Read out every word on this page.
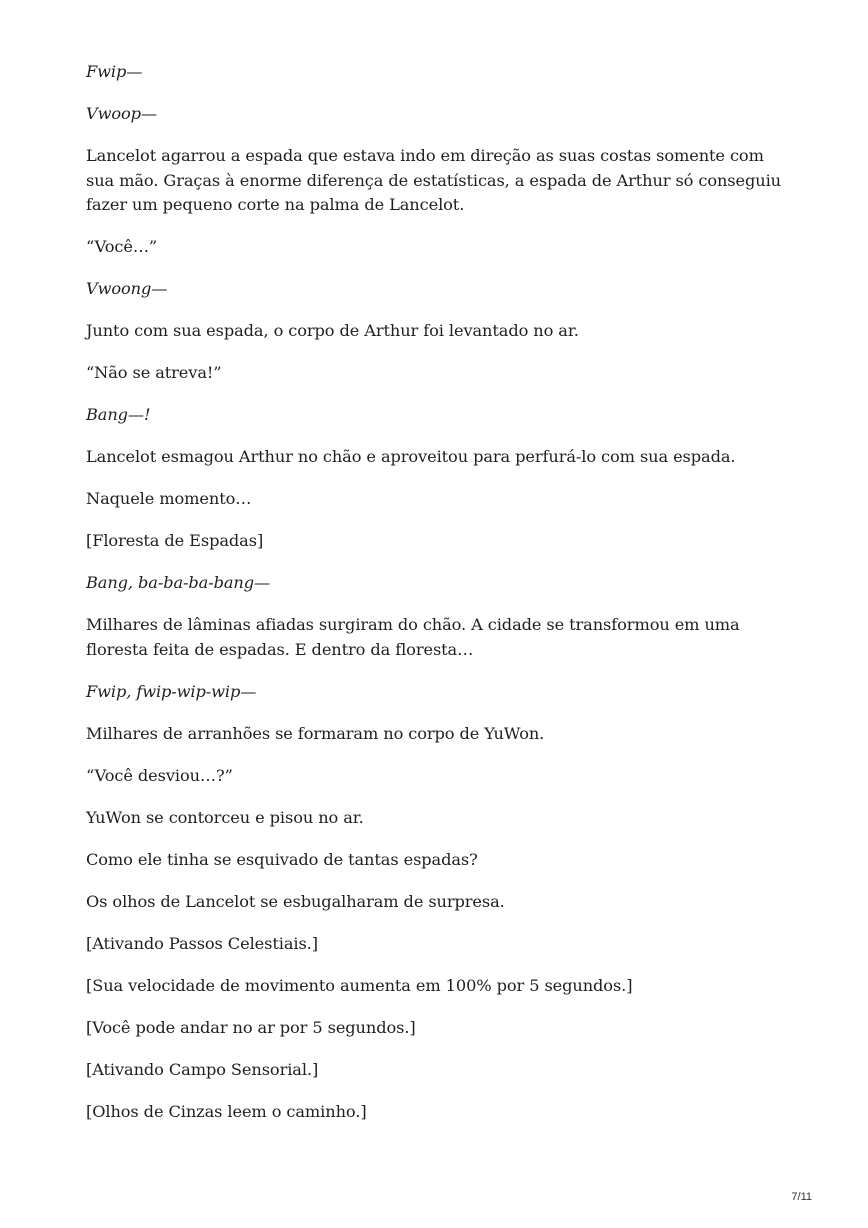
Fwip—

Vwoop—

Lancelot agarrou a espada que estava indo em direção as suas costas somente com sua mão. Graças à enorme diferença de estatísticas, a espada de Arthur só conseguiu fazer um pequeno corte na palma de Lancelot.

“Você…”

Vwoong—

Junto com sua espada, o corpo de Arthur foi levantado no ar.

“Não se atreva!”

Bang—!

Lancelot esmagou Arthur no chão e aproveitou para perfurá-lo com sua espada.

Naquele momento…

[Floresta de Espadas]

Bang, ba-ba-ba-bang—

Milhares de lâminas afiadas surgiram do chão. A cidade se transformou em uma floresta feita de espadas. E dentro da floresta…

Fwip, fwip-wip-wip—

Milhares de arranhões se formaram no corpo de YuWon.

“Você desviou…?”

YuWon se contorceu e pisou no ar.

Como ele tinha se esquivado de tantas espadas?

Os olhos de Lancelot se esbugalharam de surpresa.

[Ativando Passos Celestiais.]

[Sua velocidade de movimento aumenta em 100% por 5 segundos.]

[Você pode andar no ar por 5 segundos.]

[Ativando Campo Sensorial.]

[Olhos de Cinzas leem o caminho.]

7/11
